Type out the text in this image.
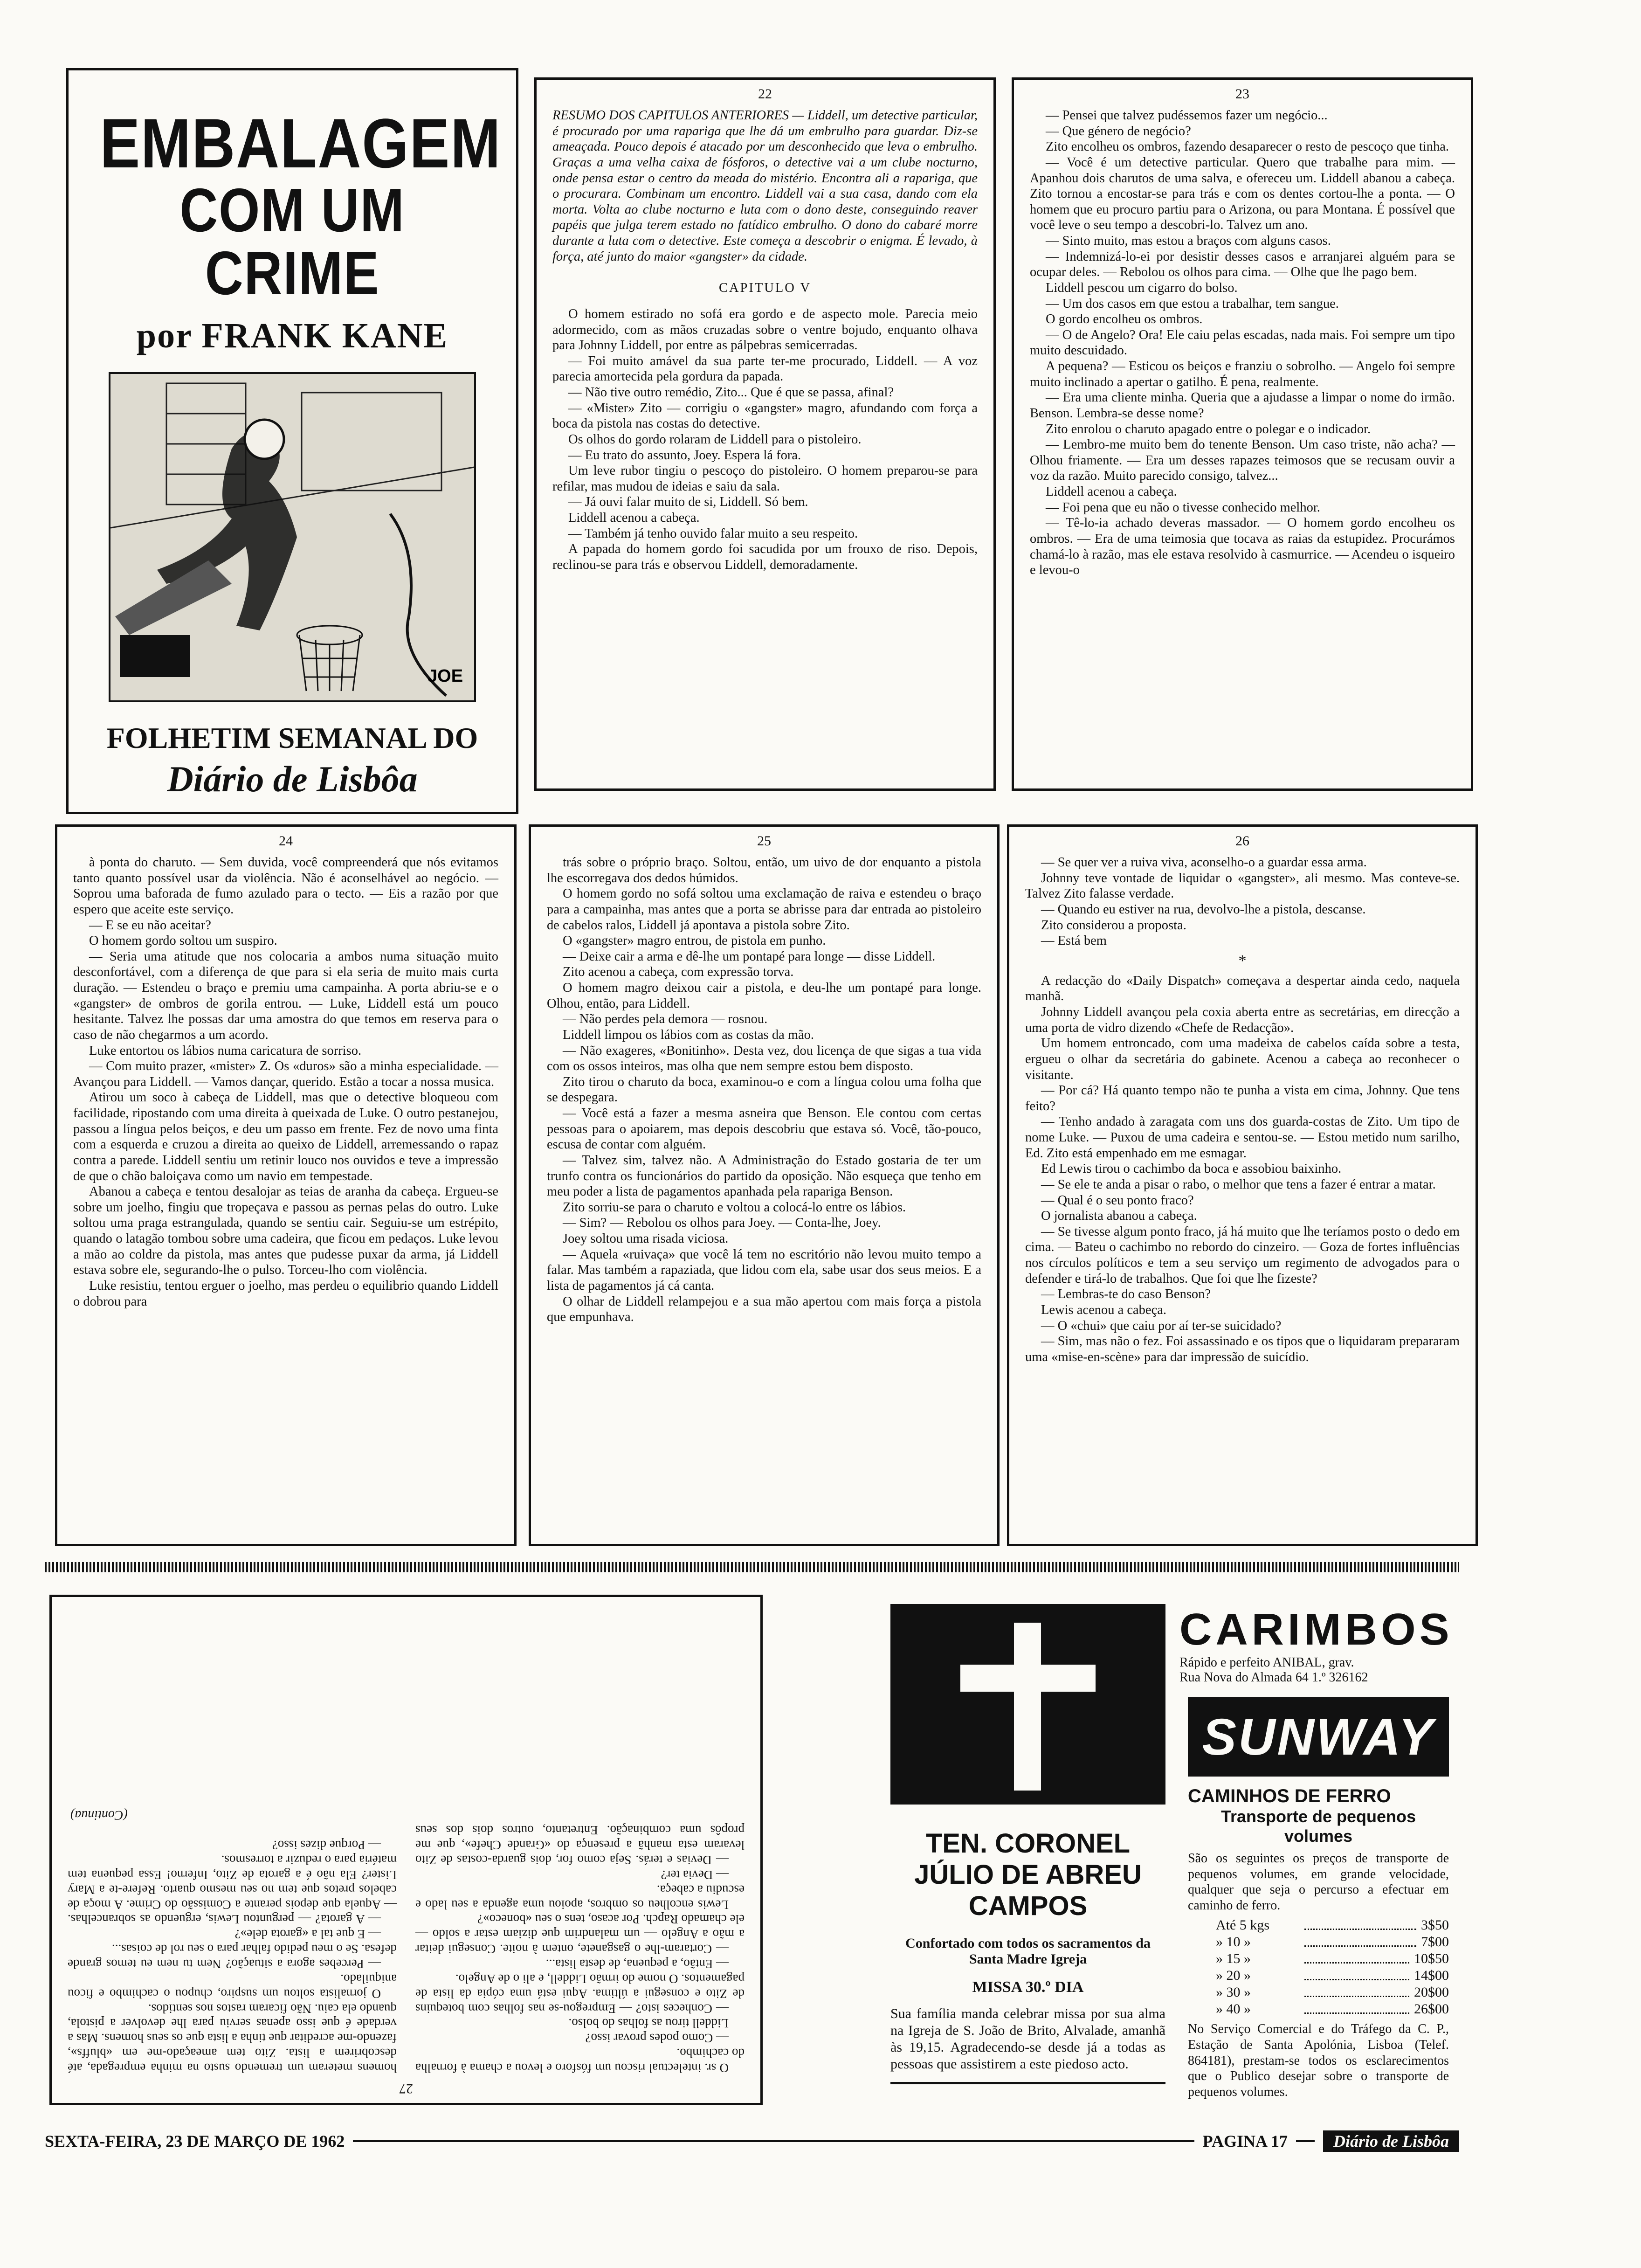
EMBALAGEM
COM UM CRIME
por FRANK KANE
JOE
FOLHETIM SEMANAL DO
Diário de Lisbôa
22

RESUMO DOS CAPITULOS ANTERIORES — Liddell, um detective particular, é procurado por uma rapariga que lhe dá um embrulho para guardar. Diz-se ameaçada. Pouco depois é atacado por um desconhecido que leva o embrulho. Graças a uma velha caixa de fósforos, o detective vai a um clube nocturno, onde pensa estar o centro da meada do mistério. Encontra ali a rapariga, que o procurara. Combinam um encontro. Liddell vai a sua casa, dando com ela morta. Volta ao clube nocturno e luta com o dono deste, conseguindo reaver papéis que julga terem estado no fatídico embrulho. O dono do cabaré morre durante a luta com o detective. Este começa a descobrir o enigma. É levado, à força, até junto do maior «gangster» da cidade.

CAPITULO V

O homem estirado no sofá era gordo e de aspecto mole. Parecia meio adormecido, com as mãos cruzadas sobre o ventre bojudo, enquanto olhava para Johnny Liddell, por entre as pálpebras semicerradas.

— Foi muito amável da sua parte ter-me procurado, Liddell. — A voz parecia amortecida pela gordura da papada.

— Não tive outro remédio, Zito... Que é que se passa, afinal?

— «Mister» Zito — corrigiu o «gangster» magro, afundando com força a boca da pistola nas costas do detective.

Os olhos do gordo rolaram de Liddell para o pistoleiro.

— Eu trato do assunto, Joey. Espera lá fora.

Um leve rubor tingiu o pescoço do pistoleiro. O homem preparou-se para refilar, mas mudou de ideias e saiu da sala.

— Já ouvi falar muito de si, Liddell. Só bem.

Liddell acenou a cabeça.

— Também já tenho ouvido falar muito a seu respeito.

A papada do homem gordo foi sacudida por um frouxo de riso. Depois, reclinou-se para trás e observou Liddell, demoradamente.

23

— Pensei que talvez pudéssemos fazer um negócio...

— Que género de negócio?

Zito encolheu os ombros, fazendo desaparecer o resto de pescoço que tinha.

— Você é um detective particular. Quero que trabalhe para mim. — Apanhou dois charutos de uma salva, e ofereceu um. Liddell abanou a cabeça. Zito tornou a encostar-se para trás e com os dentes cortou-lhe a ponta. — O homem que eu procuro partiu para o Arizona, ou para Montana. É possível que você leve o seu tempo a descobri-lo. Talvez um ano.

— Sinto muito, mas estou a braços com alguns casos.

— Indemnizá-lo-ei por desistir desses casos e arranjarei alguém para se ocupar deles. — Rebolou os olhos para cima. — Olhe que lhe pago bem.

Liddell pescou um cigarro do bolso.

— Um dos casos em que estou a trabalhar, tem sangue.

O gordo encolheu os ombros.

— O de Angelo? Ora! Ele caiu pelas escadas, nada mais. Foi sempre um tipo muito descuidado.

A pequena? — Esticou os beiços e franziu o sobrolho. — Angelo foi sempre muito inclinado a apertar o gatilho. É pena, realmente.

— Era uma cliente minha. Queria que a ajudasse a limpar o nome do irmão. Benson. Lembra-se desse nome?

Zito enrolou o charuto apagado entre o polegar e o indicador.

— Lembro-me muito bem do tenente Benson. Um caso triste, não acha? — Olhou friamente. — Era um desses rapazes teimosos que se recusam ouvir a voz da razão. Muito parecido consigo, talvez...

Liddell acenou a cabeça.

— Foi pena que eu não o tivesse conhecido melhor.

— Tê-lo-ia achado deveras massador. — O homem gordo encolheu os ombros. — Era de uma teimosia que tocava as raias da estupidez. Procurámos chamá-lo à razão, mas ele estava resolvido à casmurrice. — Acendeu o isqueiro e levou-o

24

à ponta do charuto. — Sem duvida, você compreenderá que nós evitamos tanto quanto possível usar da violência. Não é aconselhável ao negócio. — Soprou uma baforada de fumo azulado para o tecto. — Eis a razão por que espero que aceite este serviço.

— E se eu não aceitar?

O homem gordo soltou um suspiro.

— Seria uma atitude que nos colocaria a ambos numa situação muito desconfortável, com a diferença de que para si ela seria de muito mais curta duração. — Estendeu o braço e premiu uma campainha. A porta abriu-se e o «gangster» de ombros de gorila entrou. — Luke, Liddell está um pouco hesitante. Talvez lhe possas dar uma amostra do que temos em reserva para o caso de não chegarmos a um acordo.

Luke entortou os lábios numa caricatura de sorriso.

— Com muito prazer, «mister» Z. Os «duros» são a minha especialidade. — Avançou para Liddell. — Vamos dançar, querido. Estão a tocar a nossa musica.

Atirou um soco à cabeça de Liddell, mas que o detective bloqueou com facilidade, ripostando com uma direita à queixada de Luke. O outro pestanejou, passou a língua pelos beiços, e deu um passo em frente. Fez de novo uma finta com a esquerda e cruzou a direita ao queixo de Liddell, arremessando o rapaz contra a parede. Liddell sentiu um retinir louco nos ouvidos e teve a impressão de que o chão baloiçava como um navio em tempestade.

Abanou a cabeça e tentou desalojar as teias de aranha da cabeça. Ergueu-se sobre um joelho, fingiu que tropeçava e passou as pernas pelas do outro. Luke soltou uma praga estrangulada, quando se sentiu cair. Seguiu-se um estrépito, quando o latagão tombou sobre uma cadeira, que ficou em pedaços. Luke levou a mão ao coldre da pistola, mas antes que pudesse puxar da arma, já Liddell estava sobre ele, segurando-lhe o pulso. Torceu-lho com violência.

Luke resistiu, tentou erguer o joelho, mas perdeu o equilibrio quando Liddell o dobrou para

25

trás sobre o próprio braço. Soltou, então, um uivo de dor enquanto a pistola lhe escorregava dos dedos húmidos.

O homem gordo no sofá soltou uma exclamação de raiva e estendeu o braço para a campainha, mas antes que a porta se abrisse para dar entrada ao pistoleiro de cabelos ralos, Liddell já apontava a pistola sobre Zito.

O «gangster» magro entrou, de pistola em punho.

— Deixe cair a arma e dê-lhe um pontapé para longe — disse Liddell.

Zito acenou a cabeça, com expressão torva.

O homem magro deixou cair a pistola, e deu-lhe um pontapé para longe. Olhou, então, para Liddell.

— Não perdes pela demora — rosnou.

Liddell limpou os lábios com as costas da mão.

— Não exageres, «Bonitinho». Desta vez, dou licença de que sigas a tua vida com os ossos inteiros, mas olha que nem sempre estou bem disposto.

Zito tirou o charuto da boca, examinou-o e com a língua colou uma folha que se despegara.

— Você está a fazer a mesma asneira que Benson. Ele contou com certas pessoas para o apoiarem, mas depois descobriu que estava só. Você, tão-pouco, escusa de contar com alguém.

— Talvez sim, talvez não. A Administração do Estado gostaria de ter um trunfo contra os funcionários do partido da oposição. Não esqueça que tenho em meu poder a lista de pagamentos apanhada pela rapariga Benson.

Zito sorriu-se para o charuto e voltou a colocá-lo entre os lábios.

— Sim? — Rebolou os olhos para Joey. — Conta-lhe, Joey.

Joey soltou uma risada viciosa.

— Aquela «ruivaça» que você lá tem no escritório não levou muito tempo a falar. Mas também a rapaziada, que lidou com ela, sabe usar dos seus meios. E a lista de pagamentos já cá canta.

O olhar de Liddell relampejou e a sua mão apertou com mais força a pistola que empunhava.

26

— Se quer ver a ruiva viva, aconselho-o a guardar essa arma.

Johnny teve vontade de liquidar o «gangster», ali mesmo. Mas conteve-se. Talvez Zito falasse verdade.

— Quando eu estiver na rua, devolvo-lhe a pistola, descanse.

Zito considerou a proposta.

— Está bem

*

A redacção do «Daily Dispatch» começava a despertar ainda cedo, naquela manhã.

Johnny Liddell avançou pela coxia aberta entre as secretárias, em direcção a uma porta de vidro dizendo «Chefe de Redacção».

Um homem entroncado, com uma madeixa de cabelos caída sobre a testa, ergueu o olhar da secretária do gabinete. Acenou a cabeça ao reconhecer o visitante.

— Por cá? Há quanto tempo não te punha a vista em cima, Johnny. Que tens feito?

— Tenho andado à zaragata com uns dos guarda-costas de Zito. Um tipo de nome Luke. — Puxou de uma cadeira e sentou-se. — Estou metido num sarilho, Ed. Zito está empenhado em me esmagar.

Ed Lewis tirou o cachimbo da boca e assobiou baixinho.

— Se ele te anda a pisar o rabo, o melhor que tens a fazer é entrar a matar.

— Qual é o seu ponto fraco?

O jornalista abanou a cabeça.

— Se tivesse algum ponto fraco, já há muito que lhe teríamos posto o dedo em cima. — Bateu o cachimbo no rebordo do cinzeiro. — Goza de fortes influências nos círculos políticos e tem a seu serviço um regimento de advogados para o defender e tirá-lo de trabalhos. Que foi que lhe fizeste?

— Lembras-te do caso Benson?

Lewis acenou a cabeça.

— O «chui» que caiu por aí ter-se suicidado?

— Sim, mas não o fez. Foi assassinado e os tipos que o liquidaram prepararam uma «mise-en-scène» para dar impressão de suicídio.

27

O sr. intelectual riscou um fósforo e levou a chama à fornalha do cachimbo.

— Como podes provar isso?

Liddell tirou as folhas do bolso.

— Conheces isto? — Empregou-se nas folhas com botequins de Zito e consegui a última. Aqui está uma cópia da lista de pagamentos. O nome do irmão Liddell, e ali o de Angelo.

— Então, a pequena, de desta lista...

— Cortaram-lhe o gasganete, ontem à noite. Consegui deitar a mão a Angelo — um malandrim que diziam estar a soldo — ele chamado Rapch. Por acaso, tens o seu «boneco»?

Lewis encolheu os ombros, apoiou uma agenda a seu lado e escudiu a cabeça.

— Devia ter?

— Devias e terás. Seja como for, dois guarda-costas de Zito levaram esta manhã a presença do «Grande Chefe», que me propôs uma combinação. Entretanto, outros dois dos seus homens meteram um tremendo susto na minha empregada, até descobrirem a lista. Zito tem ameaçado-me em «bluffs», fazendo-me acreditar que tinha a lista que os seus homens. Mas a verdade é que isso apenas serviu para lhe devolver a pistola, quando ela caiu. Não ficaram rastos nos sentidos.

O jornalista soltou um suspiro, chupou o cachimbo e ficou aniquilado.

— Percebes agora a situação? Nem tu nem eu temos grande defesa. Se o meu pedido falhar para o seu rol de coisas...

— E que tal a «garota dele»?

— A garota? — perguntou Lewis, erguendo as sobrancelhas. — Aquela que depois perante a Comissão do Crime. A moça de cabelos pretos que tem no seu mesmo quarto. Refere-te a Mary Lister? Ela não é a garota de Zito, Inferno! Essa pequena tem matéria para o reduzir a torresmos.

— Porque dizes isso?

(Continua)
TEN. CORONEL
JÚLIO DE ABREU
CAMPOS
Confortado com todos os sacramentos da Santa Madre Igreja
MISSA 30.º DIA
Sua família manda celebrar missa por sua alma na Igreja de S. João de Brito, Alvalade, amanhã às 19,15. Agradecendo-se desde já a todas as pessoas que assistirem a este piedoso acto.
CARIMBOS
Rápido e perfeito ANIBAL, grav.
Rua Nova do Almada 64 1.º 326162
SUNWAY
CAMINHOS DE FERRO
Transporte de pequenos volumes
São os seguintes os preços de transporte de pequenos volumes, em grande velocidade, qualquer que seja o percurso a efectuar em caminho de ferro.
Até 5 kgs	3$50
» 10 »	7$00
» 15 »	10$50
» 20 »	14$00
» 30 »	20$00
» 40 »	26$00
No Serviço Comercial e do Tráfego da C. P., Estação de Santa Apolónia, Lisboa (Telef. 864181), prestam-se todos os esclarecimentos que o Publico desejar sobre o transporte de pequenos volumes.
SEXTA-FEIRA, 23 DE MARÇO DE 1962	PAGINA 17	Diário de Lisbôa
